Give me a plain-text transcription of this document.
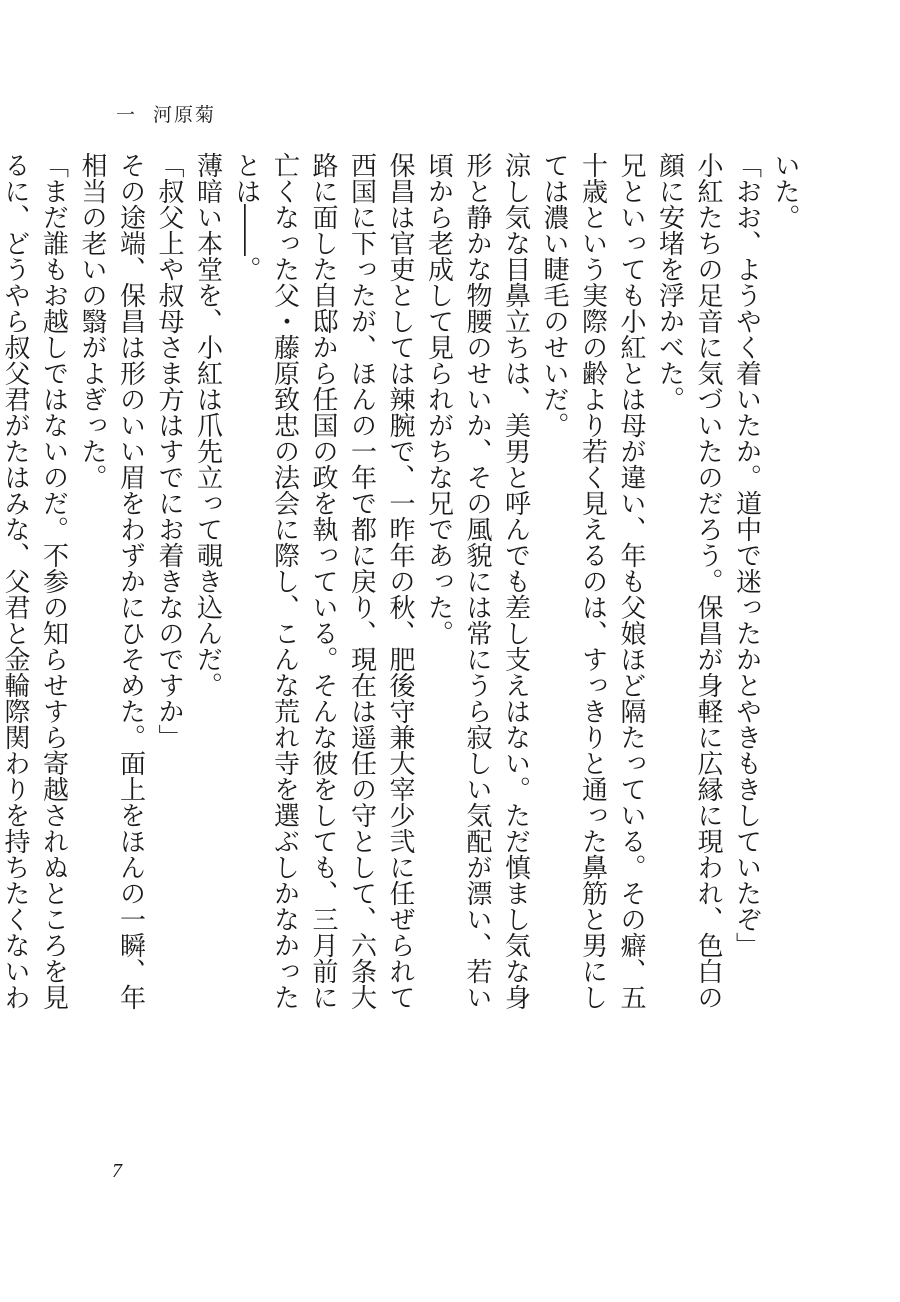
一 河原菊

いた。

「おお、ようやく着いたか。道中で迷ったかとやきもきしていたぞ」

小紅たちの足音に気づいたのだろう。保昌が身軽に広縁に現われ、色白の顔に安堵を浮かべた。

兄といっても小紅とは母が違い、年も父娘ほど隔たっている。その癖、五十歳という実際の齢より若く見えるのは、すっきりと通った鼻筋と男にしては濃い睫毛のせいだ。

涼し気な目鼻立ちは、美男と呼んでも差し支えはない。ただ慎まし気な身形と静かな物腰のせいか、その風貌には常にうら寂しい気配が漂い、若い頃から老成して見られがちな兄であった。

保昌は官吏としては辣腕で、一昨年の秋、肥後守兼大宰少弐に任ぜられて西国に下ったが、ほんの一年で都に戻り、現在は遥任の守として、六条大路に面した自邸から任国の政を執っている。そんな彼をしても、三月前に亡くなった父・藤原致忠の法会に際し、こんな荒れ寺を選ぶしかなかったとは――。

薄暗い本堂を、小紅は爪先立って覗き込んだ。

「叔父上や叔母さま方はすでにお着きなのですか」

その途端、保昌は形のいい眉をわずかにひそめた。面上をほんの一瞬、年相当の老いの翳がよぎった。

「まだ誰もお越しではないのだ。不参の知らせすら寄越されぬところを見るに、どうやら叔父君がたはみな、父君と金輪際関わりを持ちたくないわ

7
